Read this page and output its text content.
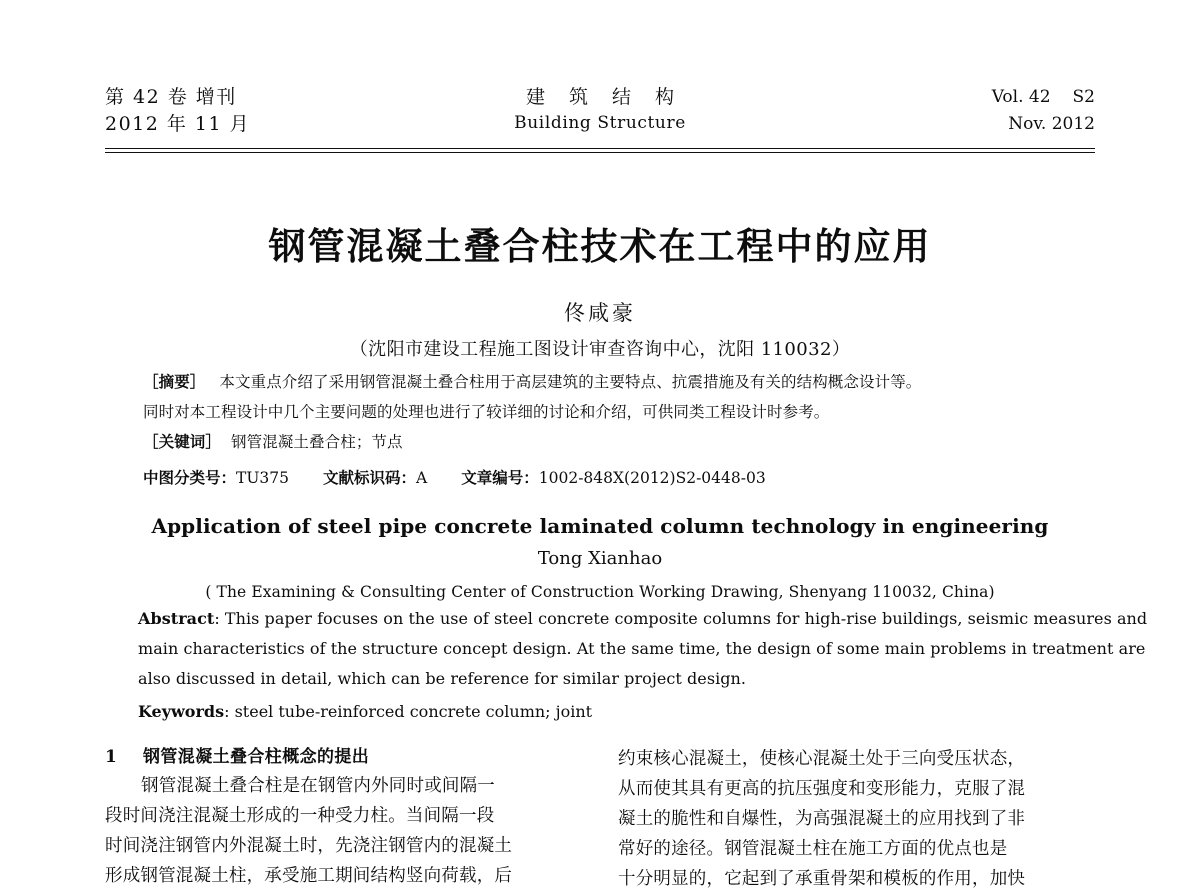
第 42 卷 增刊
2012 年 11 月
建 筑 结 构
Building Structure
Vol. 42 S2
Nov. 2012
钢管混凝土叠合柱技术在工程中的应用
佟咸豪
（沈阳市建设工程施工图设计审查咨询中心，沈阳 110032）
［摘要］ 本文重点介绍了采用钢管混凝土叠合柱用于高层建筑的主要特点、抗震措施及有关的结构概念设计等。
同时对本工程设计中几个主要问题的处理也进行了较详细的讨论和介绍，可供同类工程设计时参考。
［关键词］ 钢管混凝土叠合柱；节点
中图分类号：TU375 文献标识码：A 文章编号：1002-848X(2012)S2-0448-03
Application of steel pipe concrete laminated column technology in engineering
Tong Xianhao
( The Examining & Consulting Center of Construction Working Drawing, Shenyang 110032, China)
Abstract: This paper focuses on the use of steel concrete composite columns for high-rise buildings, seismic measures and
main characteristics of the structure concept design. At the same time, the design of some main problems in treatment are
also discussed in detail, which can be reference for similar project design.
Keywords: steel tube-reinforced concrete column; joint
1	钢管混凝土叠合柱概念的提出
钢管混凝土叠合柱是在钢管内外同时或间隔一
段时间浇注混凝土形成的一种受力柱。当间隔一段
时间浇注钢管内外混凝土时，先浇注钢管内的混凝土
形成钢管混凝土柱，承受施工期间结构竖向荷载，后
约束核心混凝土，使核心混凝土处于三向受压状态，
从而使其具有更高的抗压强度和变形能力，克服了混
凝土的脆性和自爆性，为高强混凝土的应用找到了非
常好的途径。钢管混凝土柱在施工方面的优点也是
十分明显的，它起到了承重骨架和模板的作用，加快
